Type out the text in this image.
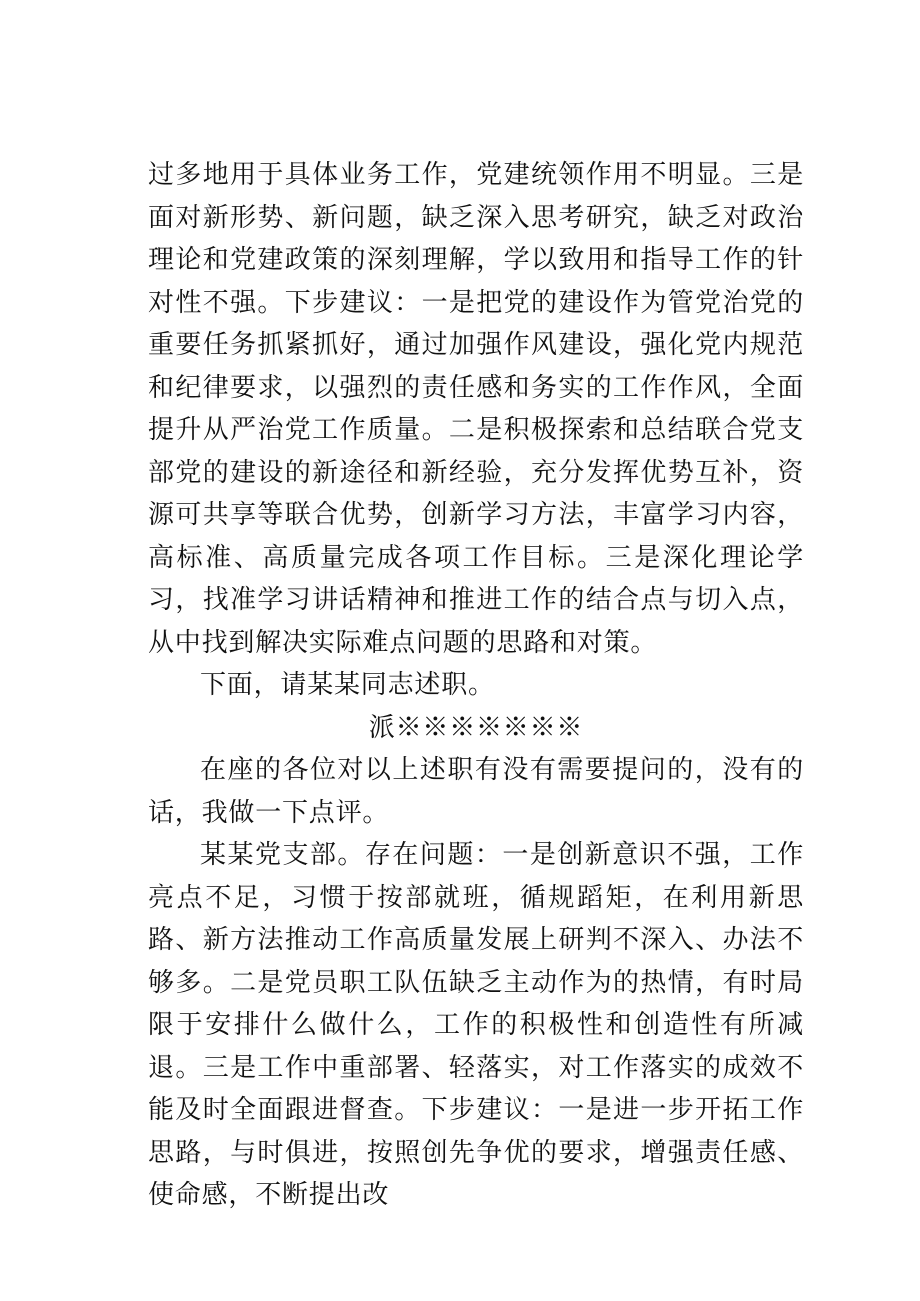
过多地用于具体业务工作，党建统领作用不明显。三是面对新形势、新问题，缺乏深入思考研究，缺乏对政治理论和党建政策的深刻理解，学以致用和指导工作的针对性不强。下步建议：一是把党的建设作为管党治党的重要任务抓紧抓好，通过加强作风建设，强化党内规范和纪律要求，以强烈的责任感和务实的工作作风，全面提升从严治党工作质量。二是积极探索和总结联合党支部党的建设的新途径和新经验，充分发挥优势互补，资源可共享等联合优势，创新学习方法，丰富学习内容，高标准、高质量完成各项工作目标。三是深化理论学习，找准学习讲话精神和推进工作的结合点与切入点，从中找到解决实际难点问题的思路和对策。

下面，请某某同志述职。

派※※※※※※※

在座的各位对以上述职有没有需要提问的，没有的话，我做一下点评。

某某党支部。存在问题：一是创新意识不强，工作亮点不足，习惯于按部就班，循规蹈矩，在利用新思路、新方法推动工作高质量发展上研判不深入、办法不够多。二是党员职工队伍缺乏主动作为的热情，有时局限于安排什么做什么，工作的积极性和创造性有所减退。三是工作中重部署、轻落实，对工作落实的成效不能及时全面跟进督查。下步建议：一是进一步开拓工作思路，与时俱进，按照创先争优的要求，增强责任感、使命感，不断提出改
